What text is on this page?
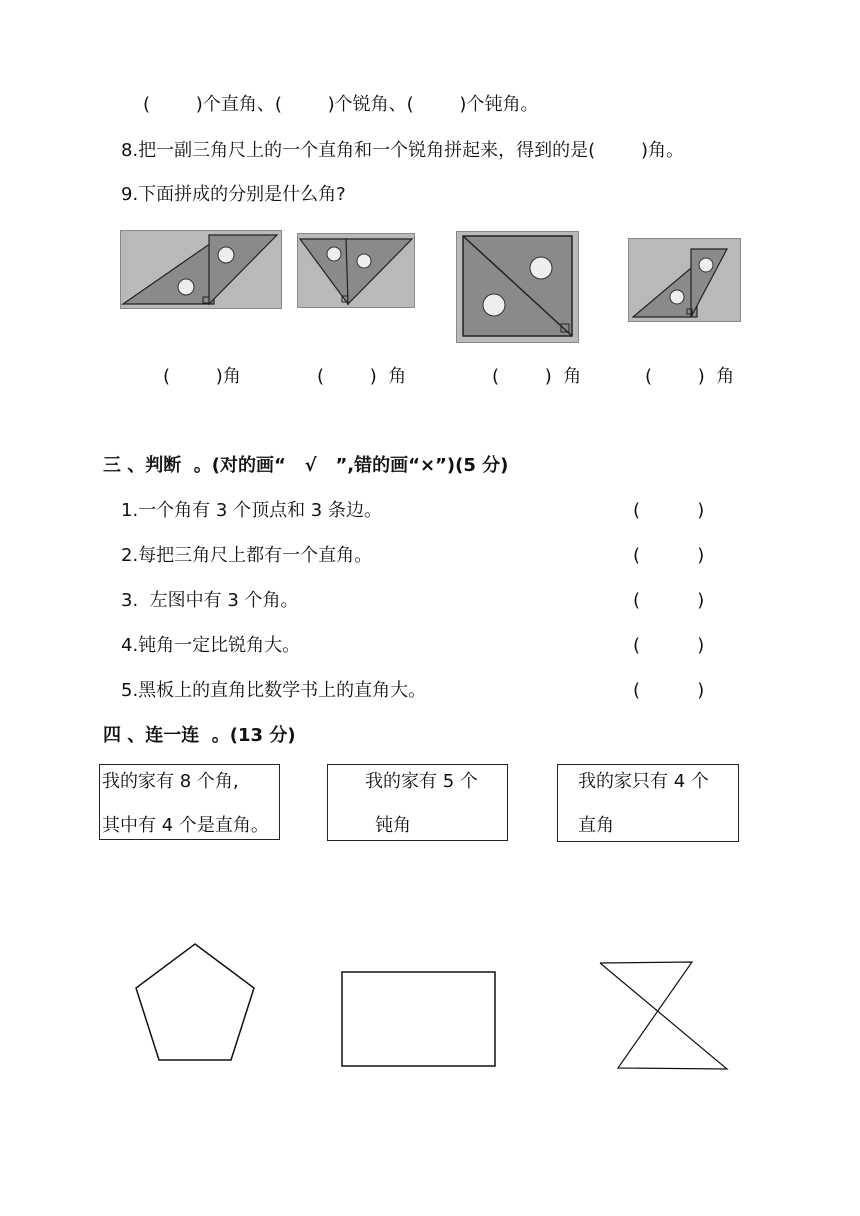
(        )个直角、(        )个锐角、(        )个钝角。
8.把一副三角尺上的一个直角和一个锐角拼起来，得到的是(        )角。
9.下面拼成的分别是什么角?
(        )角	(        )  角	(        )  角	(        )  角
三 、判断  。(对的画“   √   ”,错的画“×”)(5 分)
1.一个角有 3 个顶点和 3 条边。	(          )
2.每把三角尺上都有一个直角。	(          )
3.  左图中有 3 个角。	(          )
4.钝角一定比锐角大。	(          )
5.黑板上的直角比数学书上的直角大。	(          )
四 、连一连  。(13 分)
我的家有 8 个角,
其中有 4 个是直角。
我的家有 5 个
钝角
我的家只有 4 个
直角
